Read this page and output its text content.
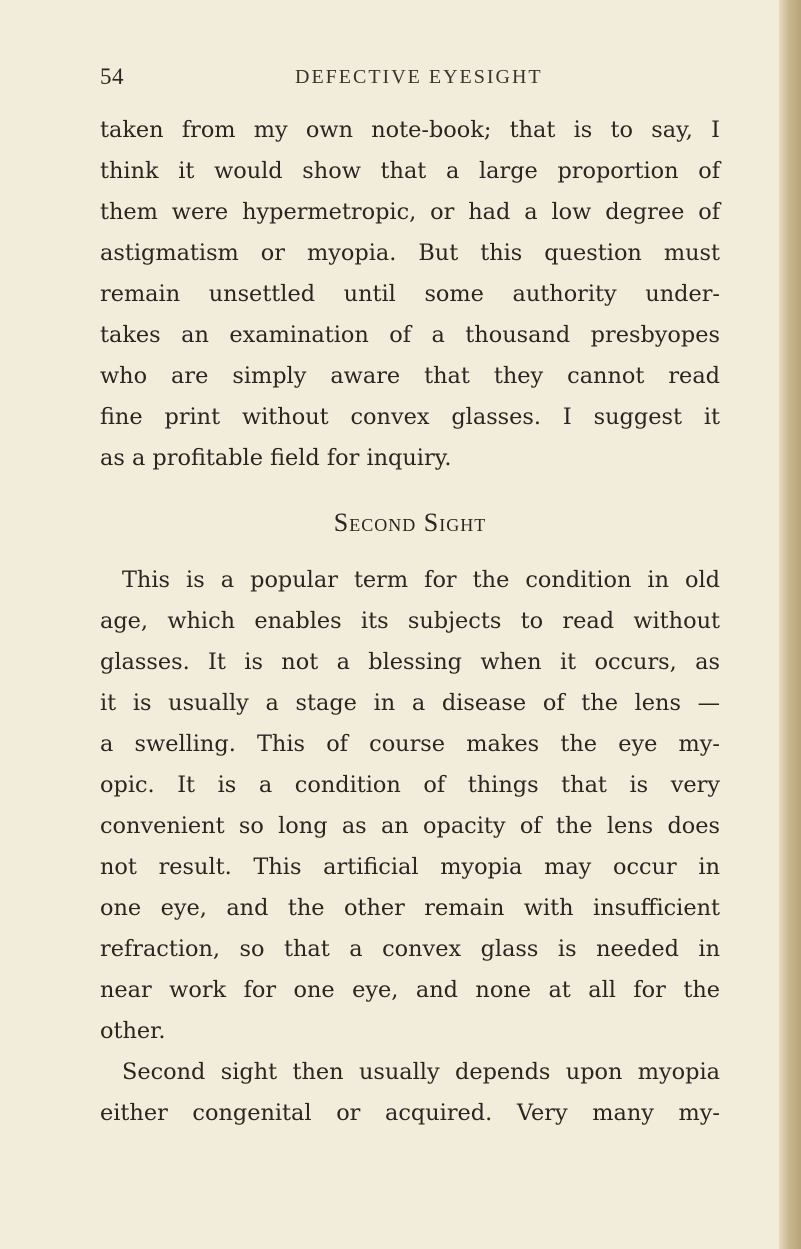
54	DEFECTIVE EYESIGHT
taken from my own note-book; that is to say, I
think it would show that a large proportion of
them were hypermetropic, or had a low degree of
astigmatism or myopia. But this question must
remain unsettled until some authority under-
takes an examination of a thousand presbyopes
who are simply aware that they cannot read
fine print without convex glasses. I suggest it
as a profitable field for inquiry.
Second Sight
This is a popular term for the condition in old
age, which enables its subjects to read without
glasses. It is not a blessing when it occurs, as
it is usually a stage in a disease of the lens —
a swelling. This of course makes the eye my-
opic. It is a condition of things that is very
convenient so long as an opacity of the lens does
not result. This artificial myopia may occur in
one eye, and the other remain with insufficient
refraction, so that a convex glass is needed in
near work for one eye, and none at all for the
other.
Second sight then usually depends upon myopia
either congenital or acquired. Very many my-
